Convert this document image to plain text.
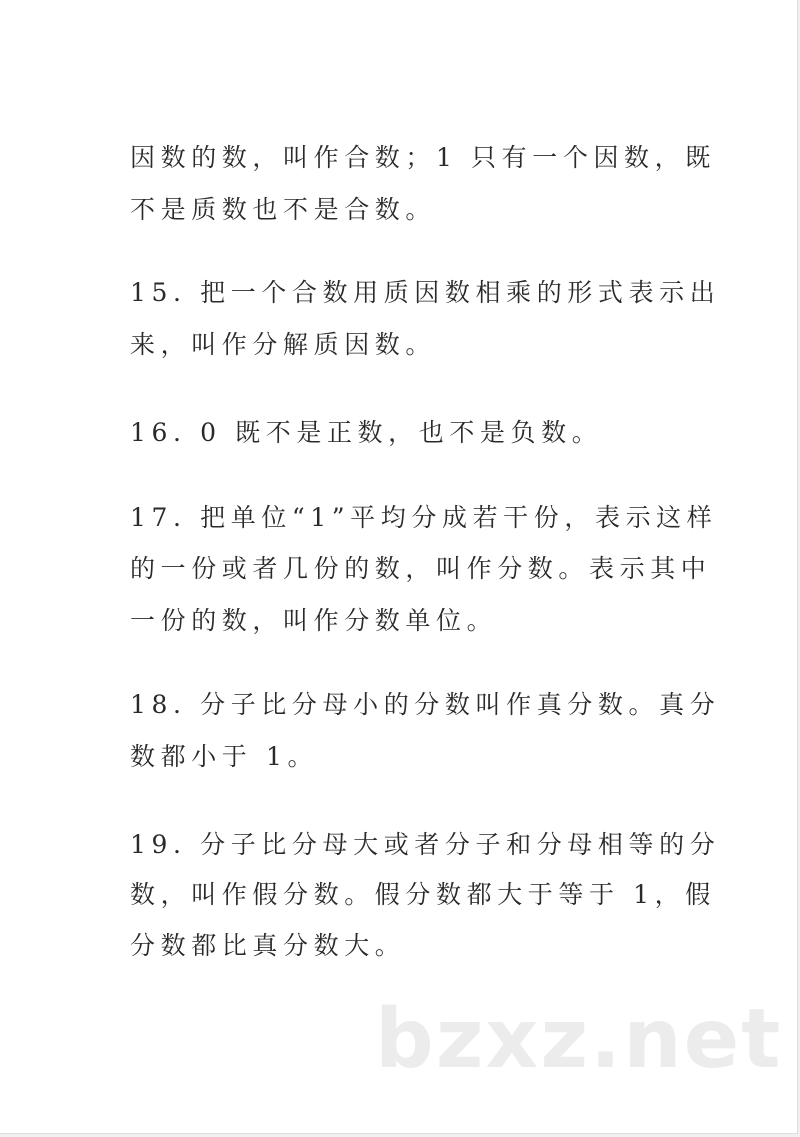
因数的数，叫作合数；1 只有一个因数，既
不是质数也不是合数。
15. 把一个合数用质因数相乘的形式表示出
来，叫作分解质因数。
16. 0 既不是正数，也不是负数。
17. 把单位“1”平均分成若干份，表示这样
的一份或者几份的数，叫作分数。表示其中
一份的数，叫作分数单位。
18. 分子比分母小的分数叫作真分数。真分
数都小于 1。
19. 分子比分母大或者分子和分母相等的分
数，叫作假分数。假分数都大于等于 1，假
分数都比真分数大。
bzxz.net
